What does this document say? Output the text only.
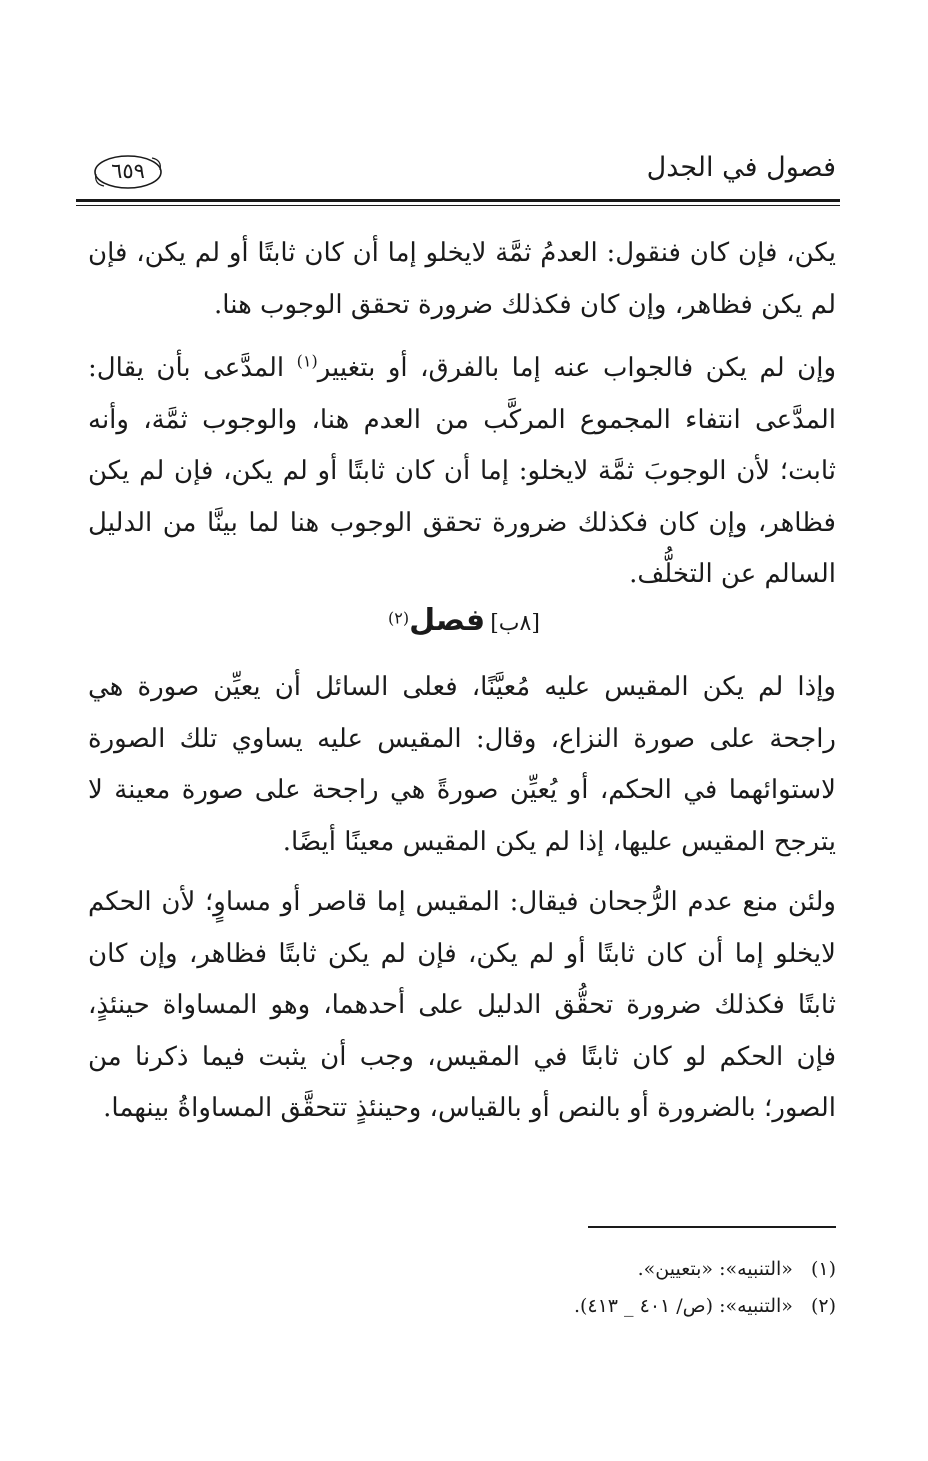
فصول في الجدل
٦٥٩

يكن، فإن كان فنقول: العدمُ ثمَّة لايخلو إما أن كان ثابتًا أو لم يكن، فإن لم يكن فظاهر، وإن كان فكذلك ضرورة تحقق الوجوب هنا.

وإن لم يكن فالجواب عنه إما بالفرق، أو بتغيير$^{(١)}$ المدَّعى بأن يقال: المدَّعى انتفاء المجموع المركَّب من العدم هنا، والوجوب ثمَّة، وأنه ثابت؛ لأن الوجوبَ ثمَّة لايخلو: إما أن كان ثابتًا أو لم يكن، فإن لم يكن فظاهر، وإن كان فكذلك ضرورة تحقق الوجوب هنا لما بينَّا من الدليل السالم عن التخلُّف.

[٨ب] فصل$^{(٢)}$

وإذا لم يكن المقيس عليه مُعيَّنًا، فعلى السائل أن يعيِّن صورة هي راجحة على صورة النزاع، وقال: المقيس عليه يساوي تلك الصورة لاستوائهما في الحكم، أو يُعيِّن صورةً هي راجحة على صورة معينة لا يترجح المقيس عليها، إذا لم يكن المقيس معينًا أيضًا.

ولئن منع عدم الرُّجحان فيقال: المقيس إما قاصر أو مساوٍ؛ لأن الحكم لايخلو إما أن كان ثابتًا أو لم يكن، فإن لم يكن ثابتًا فظاهر، وإن كان ثابتًا فكذلك ضرورة تحقُّق الدليل على أحدهما، وهو المساواة حينئذٍ، فإن الحكم لو كان ثابتًا في المقيس، وجب أن يثبت فيما ذكرنا من الصور؛ بالضرورة أو بالنص أو بالقياس، وحينئذٍ تتحقَّق المساواةُ بينهما.

(١)«التنبيه»: «بتعيين».
(٢)«التنبيه»: (ص/ ٤٠١ _ ٤١٣).
